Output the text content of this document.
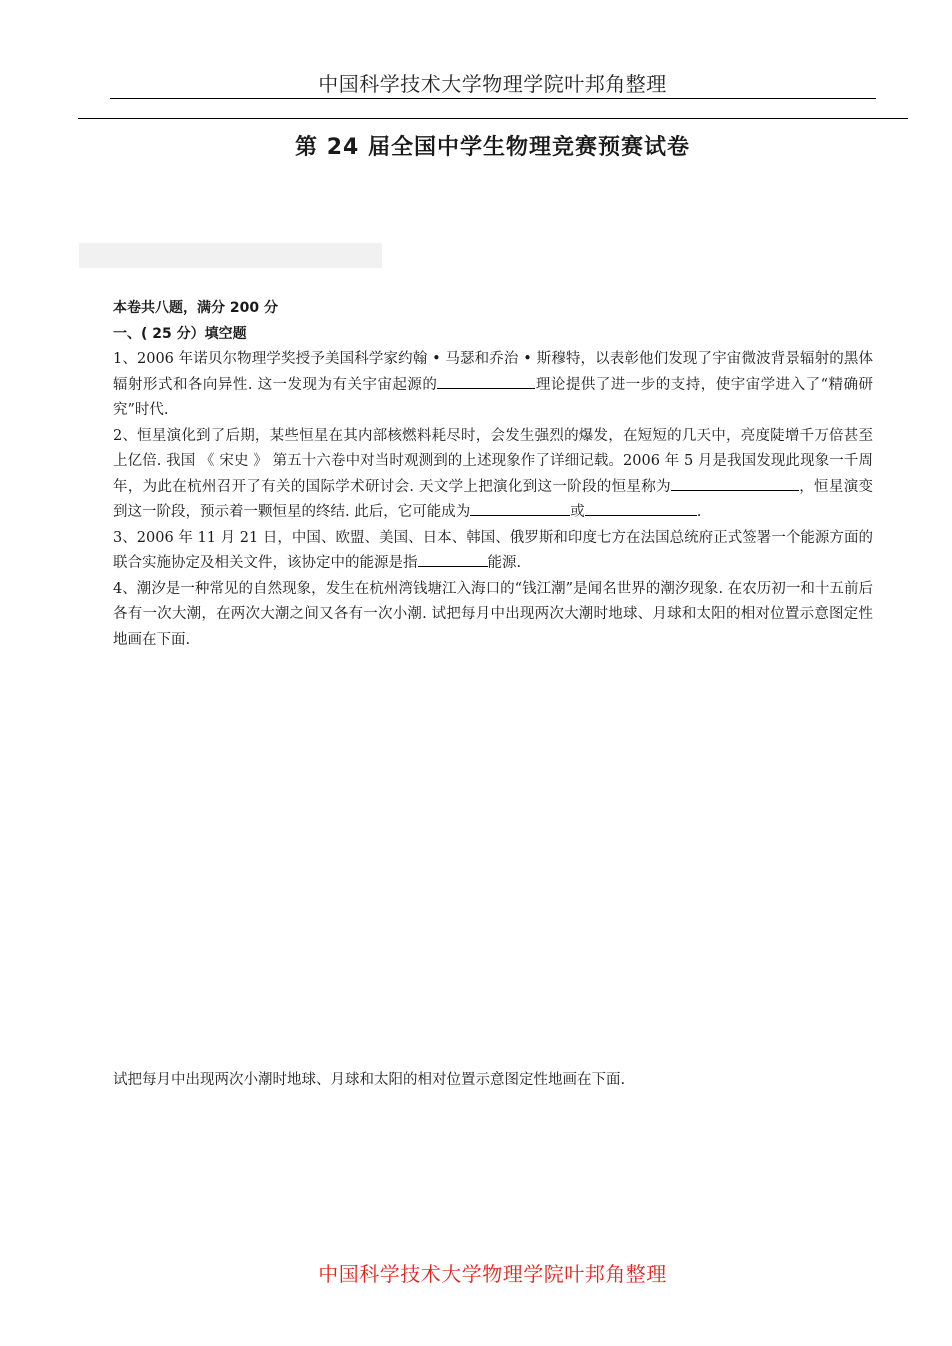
中国科学技术大学物理学院叶邦角整理
第 24 届全国中学生物理竞赛预赛试卷

本卷共八题，满分 200 分

一、( 25 分）填空题

1、2006 年诺贝尔物理学奖授予美国科学家约翰 • 马瑟和乔治 • 斯穆特，以表彰他们发现了宇宙微波背景辐射的黑体辐射形式和各向异性. 这一发现为有关宇宙起源的	理论提供了进一步的支持，使宇宙学进入了“精确研究”时代.

2、恒星演化到了后期，某些恒星在其内部核燃料耗尽时，会发生强烈的爆发，在短短的几天中，亮度陡增千万倍甚至上亿倍. 我国 《 宋史 》 第五十六卷中对当时观测到的上述现象作了详细记载。2006 年 5 月是我国发现此现象一千周年，为此在杭州召开了有关的国际学术研讨会. 天文学上把演化到这一阶段的恒星称为	，恒星演变到这一阶段，预示着一颗恒星的终结. 此后，它可能成为	或	.

3、2006 年 11 月 21 日，中国、欧盟、美国、日本、韩国、俄罗斯和印度七方在法国总统府正式签署一个能源方面的联合实施协定及相关文件，该协定中的能源是指	能源.

4、潮汐是一种常见的自然现象，发生在杭州湾钱塘江入海口的“钱江潮”是闻名世界的潮汐现象. 在农历初一和十五前后各有一次大潮，在两次大潮之间又各有一次小潮. 试把每月中出现两次大潮时地球、月球和太阳的相对位置示意图定性地画在下面.

试把每月中出现两次小潮时地球、月球和太阳的相对位置示意图定性地画在下面.
中国科学技术大学物理学院叶邦角整理
